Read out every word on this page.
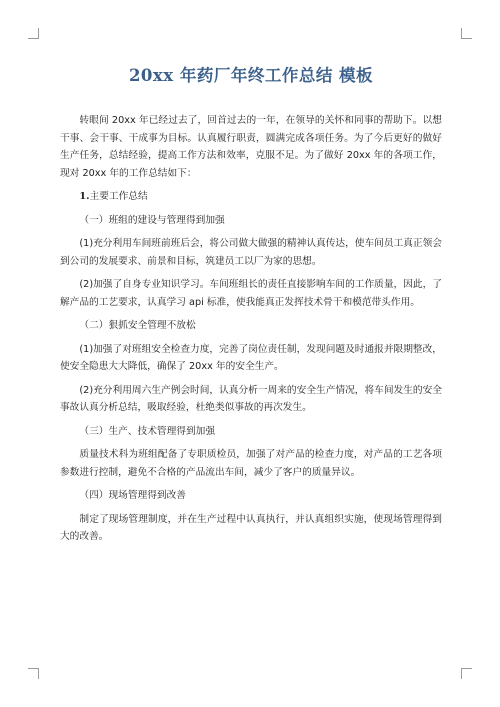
20xx 年药厂年终工作总结 模板

转眼间 20xx 年已经过去了，回首过去的一年，在领导的关怀和同事的帮助下。以想干事、会干事、干成事为目标。认真履行职责，圆满完成各项任务。为了今后更好的做好生产任务，总结经验，提高工作方法和效率，克服不足。为了做好 20xx 年的各项工作，现对 20xx 年的工作总结如下：

1.主要工作总结
（一）班组的建设与管理得到加强

(1)充分利用车间班前班后会，将公司做大做强的精神认真传达，使车间员工真正领会到公司的发展要求、前景和目标，筑建员工以厂为家的思想。

(2)加强了自身专业知识学习。车间班组长的责任直接影响车间的工作质量，因此，了解产品的工艺要求，认真学习 api 标准，使我能真正发挥技术骨干和模范带头作用。

（二）狠抓安全管理不放松

(1)加强了对班组安全检查力度，完善了岗位责任制，发现问题及时通报并限期整改，使安全隐患大大降低，确保了 20xx 年的安全生产。

(2)充分利用周六生产例会时间，认真分析一周来的安全生产情况，将车间发生的安全事故认真分析总结，吸取经验，杜绝类似事故的再次发生。

（三）生产、技术管理得到加强

质量技术科为班组配备了专职质检员，加强了对产品的检查力度，对产品的工艺各项参数进行控制，避免不合格的产品流出车间，减少了客户的质量异议。

（四）现场管理得到改善

制定了现场管理制度，并在生产过程中认真执行，并认真组织实施，使现场管理得到大的改善。
